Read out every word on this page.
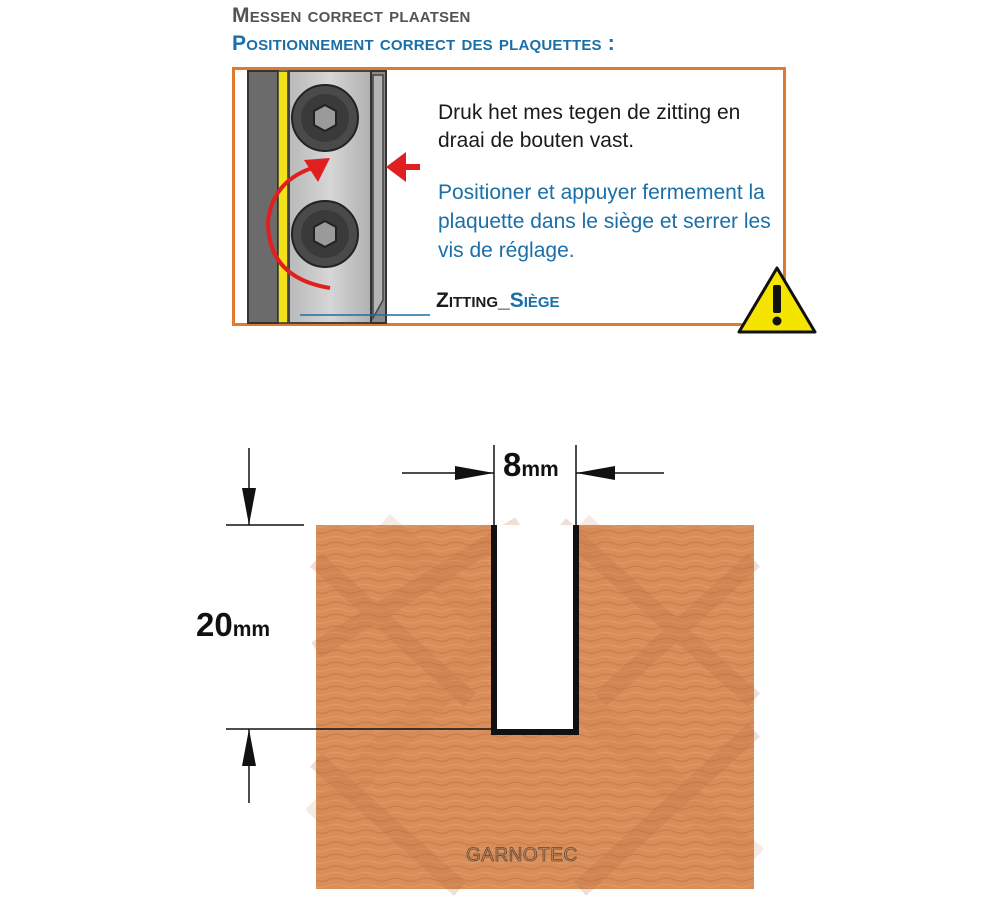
Messen correct plaatsen
Positionnement correct des plaquettes :
Druk het mes tegen de zitting en draai de bouten vast.
Positioner et appuyer fermement la plaquette dans le siège et serrer les vis de réglage.
Zitting_Siège
8mm
20mm
GARNOTEC
